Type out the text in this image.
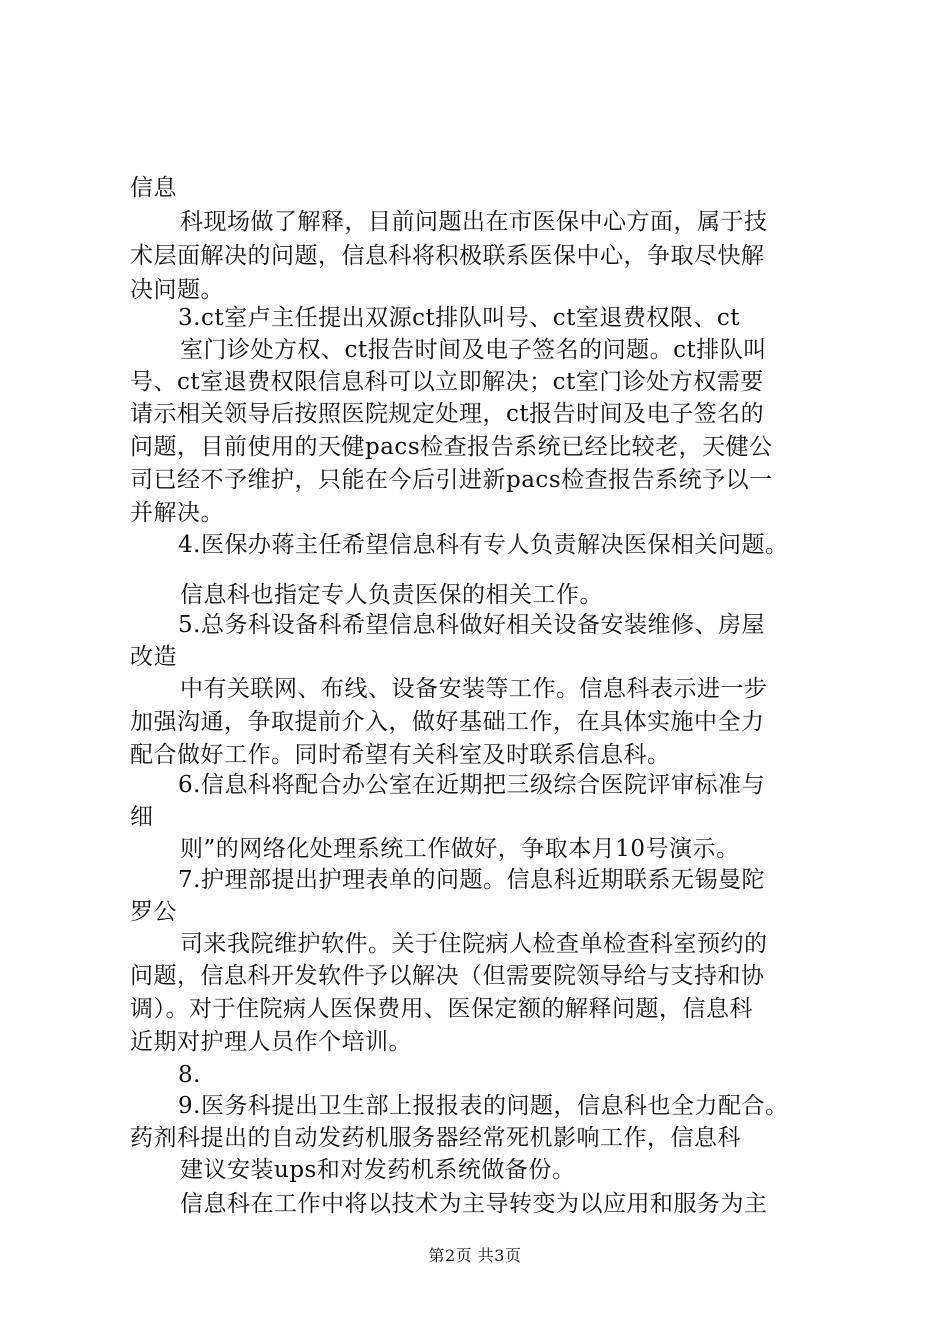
信息
科现场做了解释，目前问题出在市医保中心方面，属于技
术层面解决的问题，信息科将积极联系医保中心，争取尽快解
决问题。
3.ct室卢主任提出双源ct排队叫号、ct室退费权限、ct
室门诊处方权、ct报告时间及电子签名的问题。ct排队叫
号、ct室退费权限信息科可以立即解决；ct室门诊处方权需要
请示相关领导后按照医院规定处理，ct报告时间及电子签名的
问题，目前使用的天健pacs检查报告系统已经比较老，天健公
司已经不予维护，只能在今后引进新pacs检查报告系统予以一
并解决。
4.医保办蒋主任希望信息科有专人负责解决医保相关问题。
信息科也指定专人负责医保的相关工作。
5.总务科设备科希望信息科做好相关设备安装维修、房屋
改造
中有关联网、布线、设备安装等工作。信息科表示进一步
加强沟通，争取提前介入，做好基础工作，在具体实施中全力
配合做好工作。同时希望有关科室及时联系信息科。
6.信息科将配合办公室在近期把三级综合医院评审标准与
细
则”的网络化处理系统工作做好，争取本月10号演示。
7.护理部提出护理表单的问题。信息科近期联系无锡曼陀
罗公
司来我院维护软件。关于住院病人检查单检查科室预约的
问题，信息科开发软件予以解决（但需要院领导给与支持和协
调）。对于住院病人医保费用、医保定额的解释问题，信息科
近期对护理人员作个培训。
8.
9.医务科提出卫生部上报报表的问题，信息科也全力配合。
药剂科提出的自动发药机服务器经常死机影响工作，信息科
建议安装ups和对发药机系统做备份。
信息科在工作中将以技术为主导转变为以应用和服务为主
第2页 共3页
